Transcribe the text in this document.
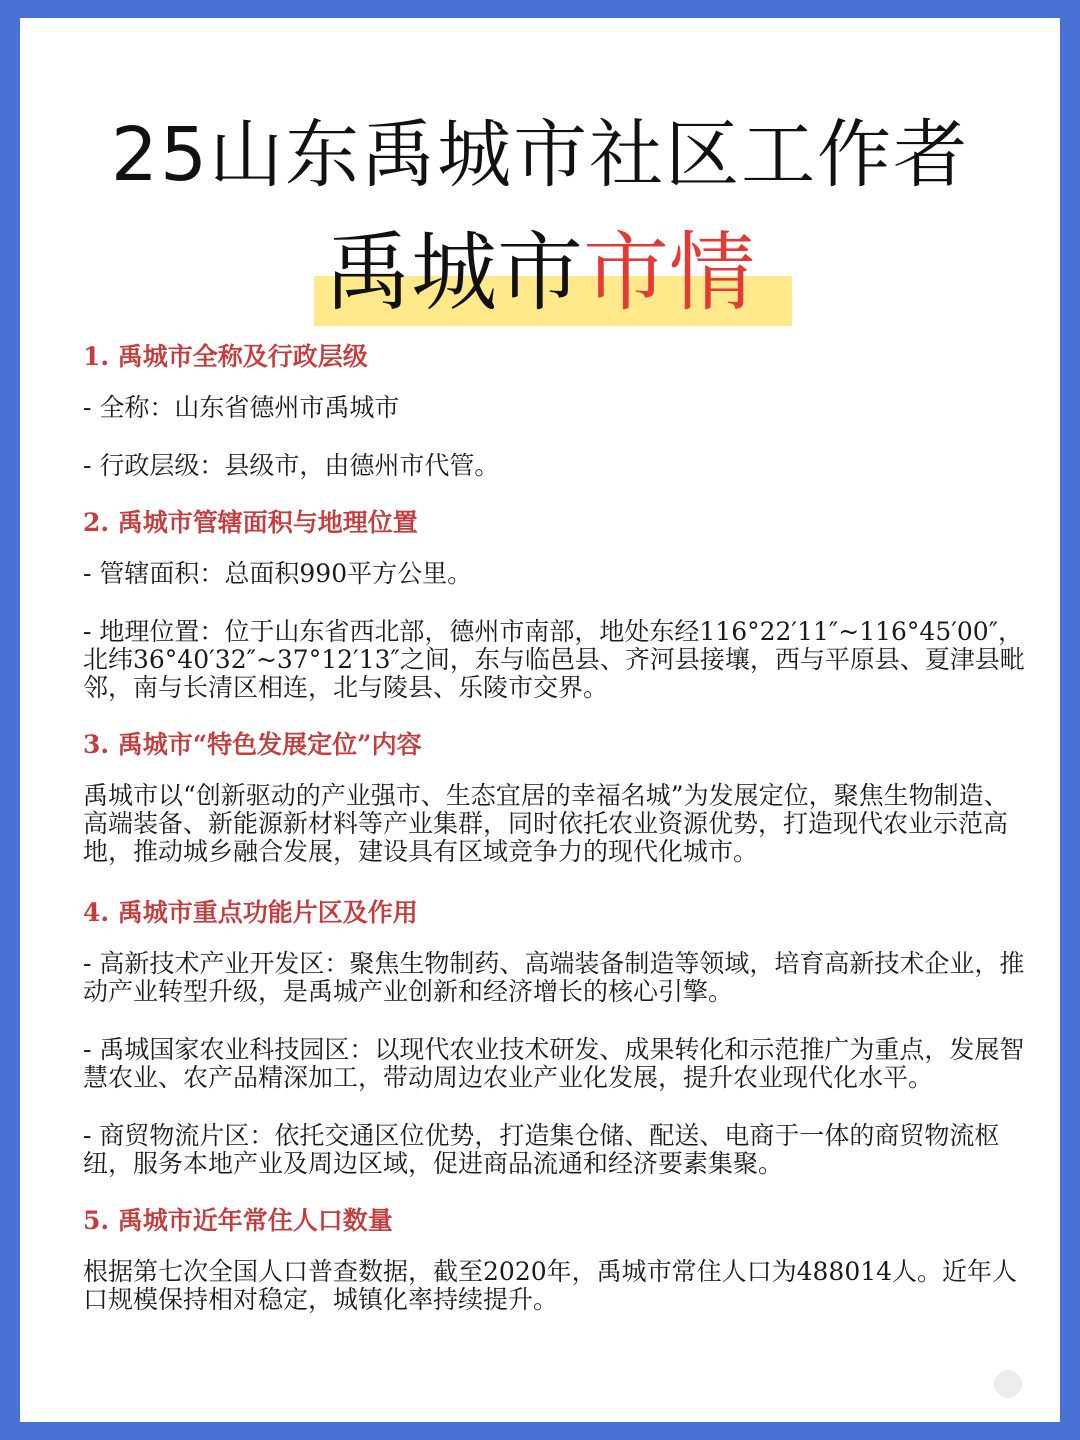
25山东禹城市社区工作者
禹城市市情

1. 禹城市全称及行政层级

- 全称：山东省德州市禹城市

- 行政层级：县级市，由德州市代管。

2. 禹城市管辖面积与地理位置

- 管辖面积：总面积990平方公里。

- 地理位置：位于山东省西北部，德州市南部，地处东经116°22′11″~116°45′00″，北纬36°40′32″~37°12′13″之间，东与临邑县、齐河县接壤，西与平原县、夏津县毗邻，南与长清区相连，北与陵县、乐陵市交界。

3. 禹城市“特色发展定位”内容

禹城市以“创新驱动的产业强市、生态宜居的幸福名城”为发展定位，聚焦生物制造、高端装备、新能源新材料等产业集群，同时依托农业资源优势，打造现代农业示范高地，推动城乡融合发展，建设具有区域竞争力的现代化城市。

4. 禹城市重点功能片区及作用

- 高新技术产业开发区：聚焦生物制药、高端装备制造等领域，培育高新技术企业，推动产业转型升级，是禹城产业创新和经济增长的核心引擎。

- 禹城国家农业科技园区：以现代农业技术研发、成果转化和示范推广为重点，发展智慧农业、农产品精深加工，带动周边农业产业化发展，提升农业现代化水平。

- 商贸物流片区：依托交通区位优势，打造集仓储、配送、电商于一体的商贸物流枢纽，服务本地产业及周边区域，促进商品流通和经济要素集聚。

5. 禹城市近年常住人口数量

根据第七次全国人口普查数据，截至2020年，禹城市常住人口为488014人。近年人口规模保持相对稳定，城镇化率持续提升。
